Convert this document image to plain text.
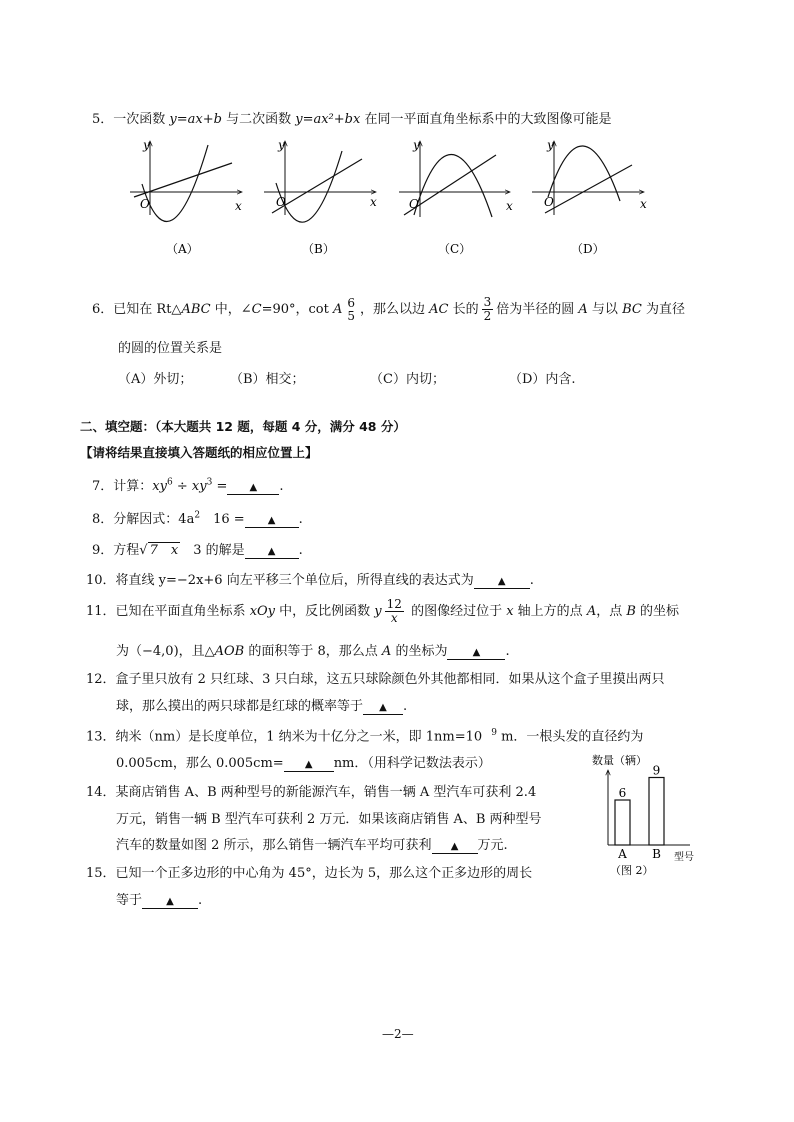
5．一次函数 y=ax+b 与二次函数 y=ax²+bx 在同一平面直角坐标系中的大致图像可能是
x
y
O
（A）
x
y
O
（B）
x
y
O
（C）
x
y
O
（D）
6．已知在 Rt△ABC 中，∠C=90°，cot A 6
5 ，那么以边 AC 长的 $\frac{3}{2}$ 倍为半径的圆 A 与以 BC 为直径
的圆的位置关系是
（A）外切；	（B）相交；	（C）内切；	（D）内含.
二、填空题：（本大题共 12 题，每题 4 分，满分 48 分）
【请将结果直接填入答题纸的相应位置上】
7．计算：$xy^6 \div xy^3$ = ▲ .
8．分解因式：$4a^2$　16 = ▲ .
9．方程√ 7　x　3 的解是 ▲ .
10．将直线 y=−2x+6 向左平移三个单位后，所得直线的表达式为 ▲ .
11．已知在平面直角坐标系 xOy 中，反比例函数 y $\frac{12}{x}$ 的图像经过位于 x 轴上方的点 A，点 B 的坐标
为（−4,0)，且△AOB 的面积等于 8，那么点 A 的坐标为	▲ .
12．盒子里只放有 2 只红球、3 只白球，这五只球除颜色外其他都相同．如果从这个盒子里摸出两只
球，那么摸出的两只球都是红球的概率等于 ▲ .
13．纳米（nm）是长度单位，1 纳米为十亿分之一米，即 1nm=10　$^9$ m．一根头发的直径约为
0.005cm，那么 0.005cm= ▲ nm．（用科学记数法表示）
14．某商店销售 A、B 两种型号的新能源汽车，销售一辆 A 型汽车可获利 2.4
万元，销售一辆 B 型汽车可获利 2 万元．如果该商店销售 A、B 两种型号
汽车的数量如图 2 所示，那么销售一辆汽车平均可获利 ▲ 万元.
15．已知一个正多边形的中心角为 45°，边长为 5，那么这个正多边形的周长
等于 ▲ .
数量（辆）
6
A
9
B 型号
（图 2）
—2—
